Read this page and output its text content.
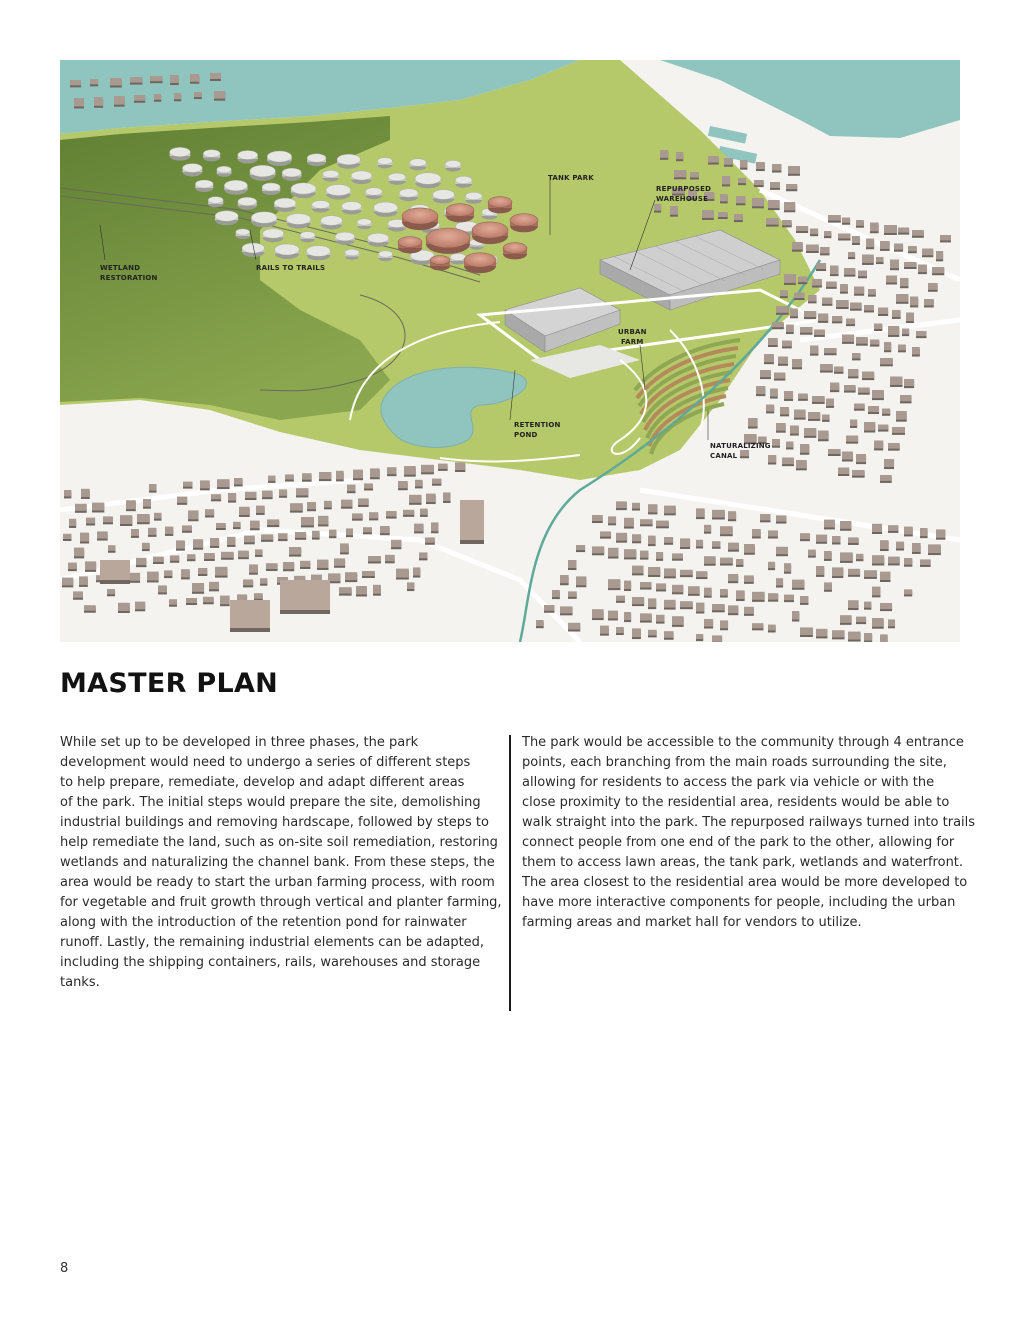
TANK PARK
REPURPOSED
WAREHOUSE
WETLAND
RESTORATION
RAILS TO TRAILS
URBAN
FARM
RETENTION
POND
NATURALIZING
CANAL
MASTER PLAN

While set up to be developed in three phases, the park
development would need to undergo a series of different steps
to help prepare, remediate, develop and adapt different areas
of the park. The initial steps would prepare the site, demolishing
industrial buildings and removing hardscape, followed by steps to
help remediate the land, such as on-site soil remediation, restoring
wetlands and naturalizing the channel bank. From these steps, the
area would be ready to start the urban farming process, with room
for vegetable and fruit growth through vertical and planter farming,
along with the introduction of the retention pond for rainwater
runoff. Lastly, the remaining industrial elements can be adapted,
including the shipping containers, rails, warehouses and storage
tanks.

The park would be accessible to the community through 4 entrance
points, each branching from the main roads surrounding the site,
allowing for residents to access the park via vehicle or with the
close proximity to the residential area, residents would be able to
walk straight into the park. The repurposed railways turned into trails
connect people from one end of the park to the other, allowing for
them to access lawn areas, the tank park, wetlands and waterfront.
The area closest to the residential area would be more developed to
have more interactive components for people, including the urban
farming areas and market hall for vendors to utilize.

8
